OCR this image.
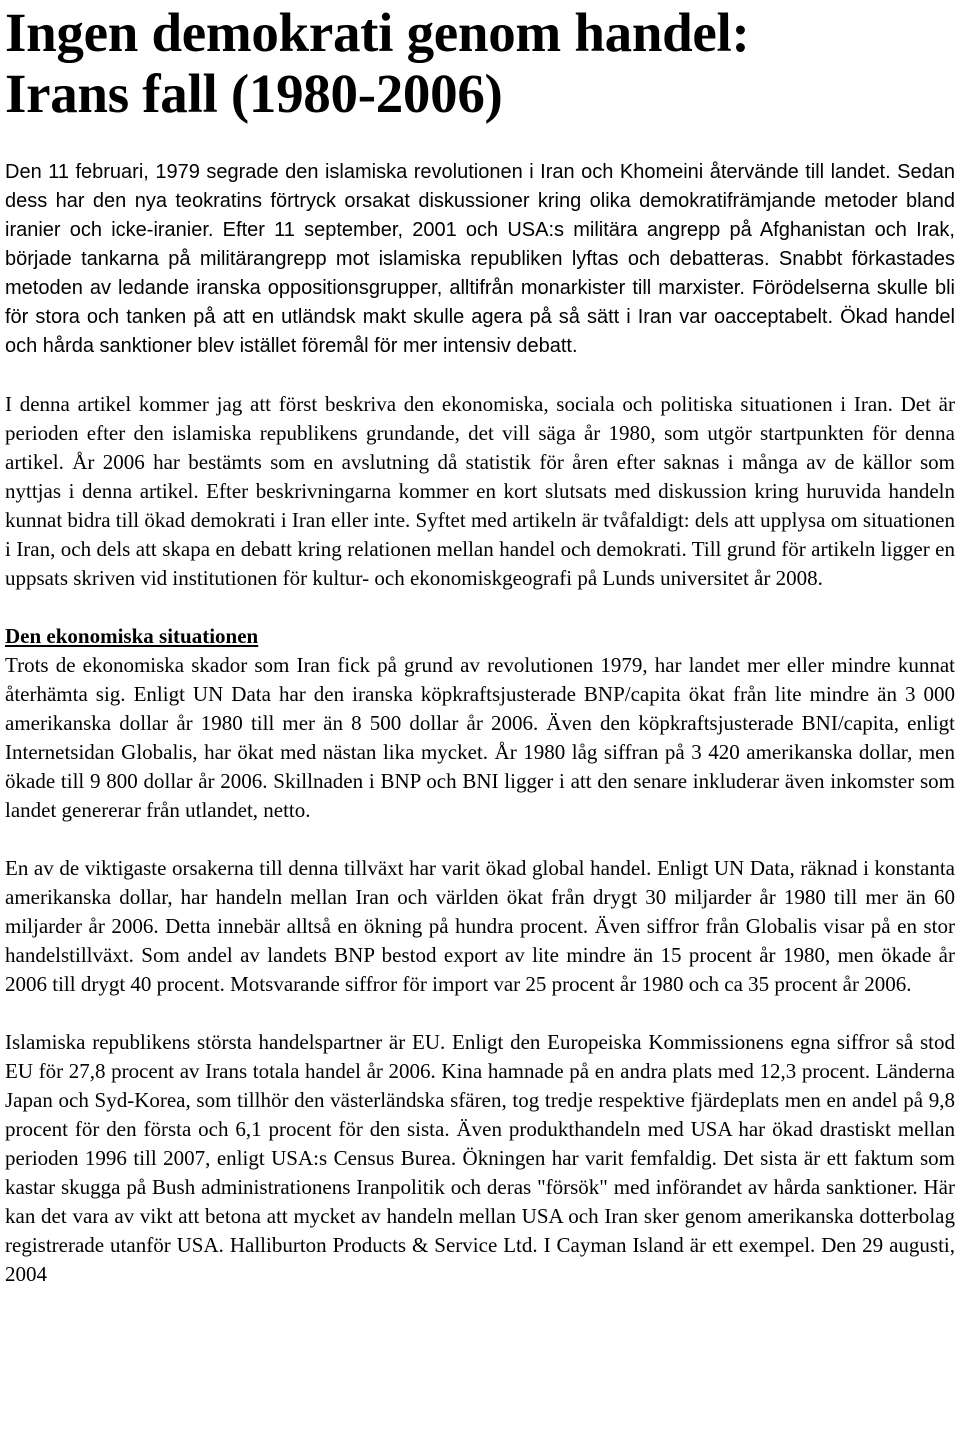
Ingen demokrati genom handel:
Irans fall (1980-2006)

Den 11 februari, 1979 segrade den islamiska revolutionen i Iran och Khomeini återvände till landet. Sedan dess har den nya teokratins förtryck orsakat diskussioner kring olika demokratifrämjande metoder bland iranier och icke-iranier. Efter 11 september, 2001 och USA:s militära angrepp på Afghanistan och Irak, började tankarna på militärangrepp mot islamiska republiken lyftas och debatteras. Snabbt förkastades metoden av ledande iranska oppositionsgrupper, alltifrån monarkister till marxister. Förödelserna skulle bli för stora och tanken på att en utländsk makt skulle agera på så sätt i Iran var oacceptabelt. Ökad handel och hårda sanktioner blev istället föremål för mer intensiv debatt.

I denna artikel kommer jag att först beskriva den ekonomiska, sociala och politiska situationen i Iran. Det är perioden efter den islamiska republikens grundande, det vill säga år 1980, som utgör startpunkten för denna artikel. År 2006 har bestämts som en avslutning då statistik för åren efter saknas i många av de källor som nyttjas i denna artikel. Efter beskrivningarna kommer en kort slutsats med diskussion kring huruvida handeln kunnat bidra till ökad demokrati i Iran eller inte. Syftet med artikeln är tvåfaldigt: dels att upplysa om situationen i Iran, och dels att skapa en debatt kring relationen mellan handel och demokrati. Till grund för artikeln ligger en uppsats skriven vid institutionen för kultur- och ekonomiskgeografi på Lunds universitet år 2008.

Den ekonomiska situationen

Trots de ekonomiska skador som Iran fick på grund av revolutionen 1979, har landet mer eller mindre kunnat återhämta sig. Enligt UN Data har den iranska köpkraftsjusterade BNP/capita ökat från lite mindre än 3 000 amerikanska dollar år 1980 till mer än 8 500 dollar år 2006. Även den köpkraftsjusterade BNI/capita, enligt Internetsidan Globalis, har ökat med nästan lika mycket. År 1980 låg siffran på 3 420 amerikanska dollar, men ökade till 9 800 dollar år 2006. Skillnaden i BNP och BNI ligger i att den senare inkluderar även inkomster som landet genererar från utlandet, netto.

En av de viktigaste orsakerna till denna tillväxt har varit ökad global handel. Enligt UN Data, räknad i konstanta amerikanska dollar, har handeln mellan Iran och världen ökat från drygt 30 miljarder år 1980 till mer än 60 miljarder år 2006. Detta innebär alltså en ökning på hundra procent. Även siffror från Globalis visar på en stor handelstillväxt. Som andel av landets BNP bestod export av lite mindre än 15 procent år 1980, men ökade år 2006 till drygt 40 procent. Motsvarande siffror för import var 25 procent år 1980 och ca 35 procent år 2006.

Islamiska republikens största handelspartner är EU. Enligt den Europeiska Kommissionens egna siffror så stod EU för 27,8 procent av Irans totala handel år 2006. Kina hamnade på en andra plats med 12,3 procent. Länderna Japan och Syd-Korea, som tillhör den västerländska sfären, tog tredje respektive fjärdeplats men en andel på 9,8 procent för den första och 6,1 procent för den sista. Även produkthandeln med USA har ökad drastiskt mellan perioden 1996 till 2007, enligt USA:s Census Burea. Ökningen har varit femfaldig. Det sista är ett faktum som kastar skugga på Bush administrationens Iranpolitik och deras "försök" med införandet av hårda sanktioner. Här kan det vara av vikt att betona att mycket av handeln mellan USA och Iran sker genom amerikanska dotterbolag registrerade utanför USA. Halliburton Products & Service Ltd. I Cayman Island är ett exempel. Den 29 augusti, 2004
